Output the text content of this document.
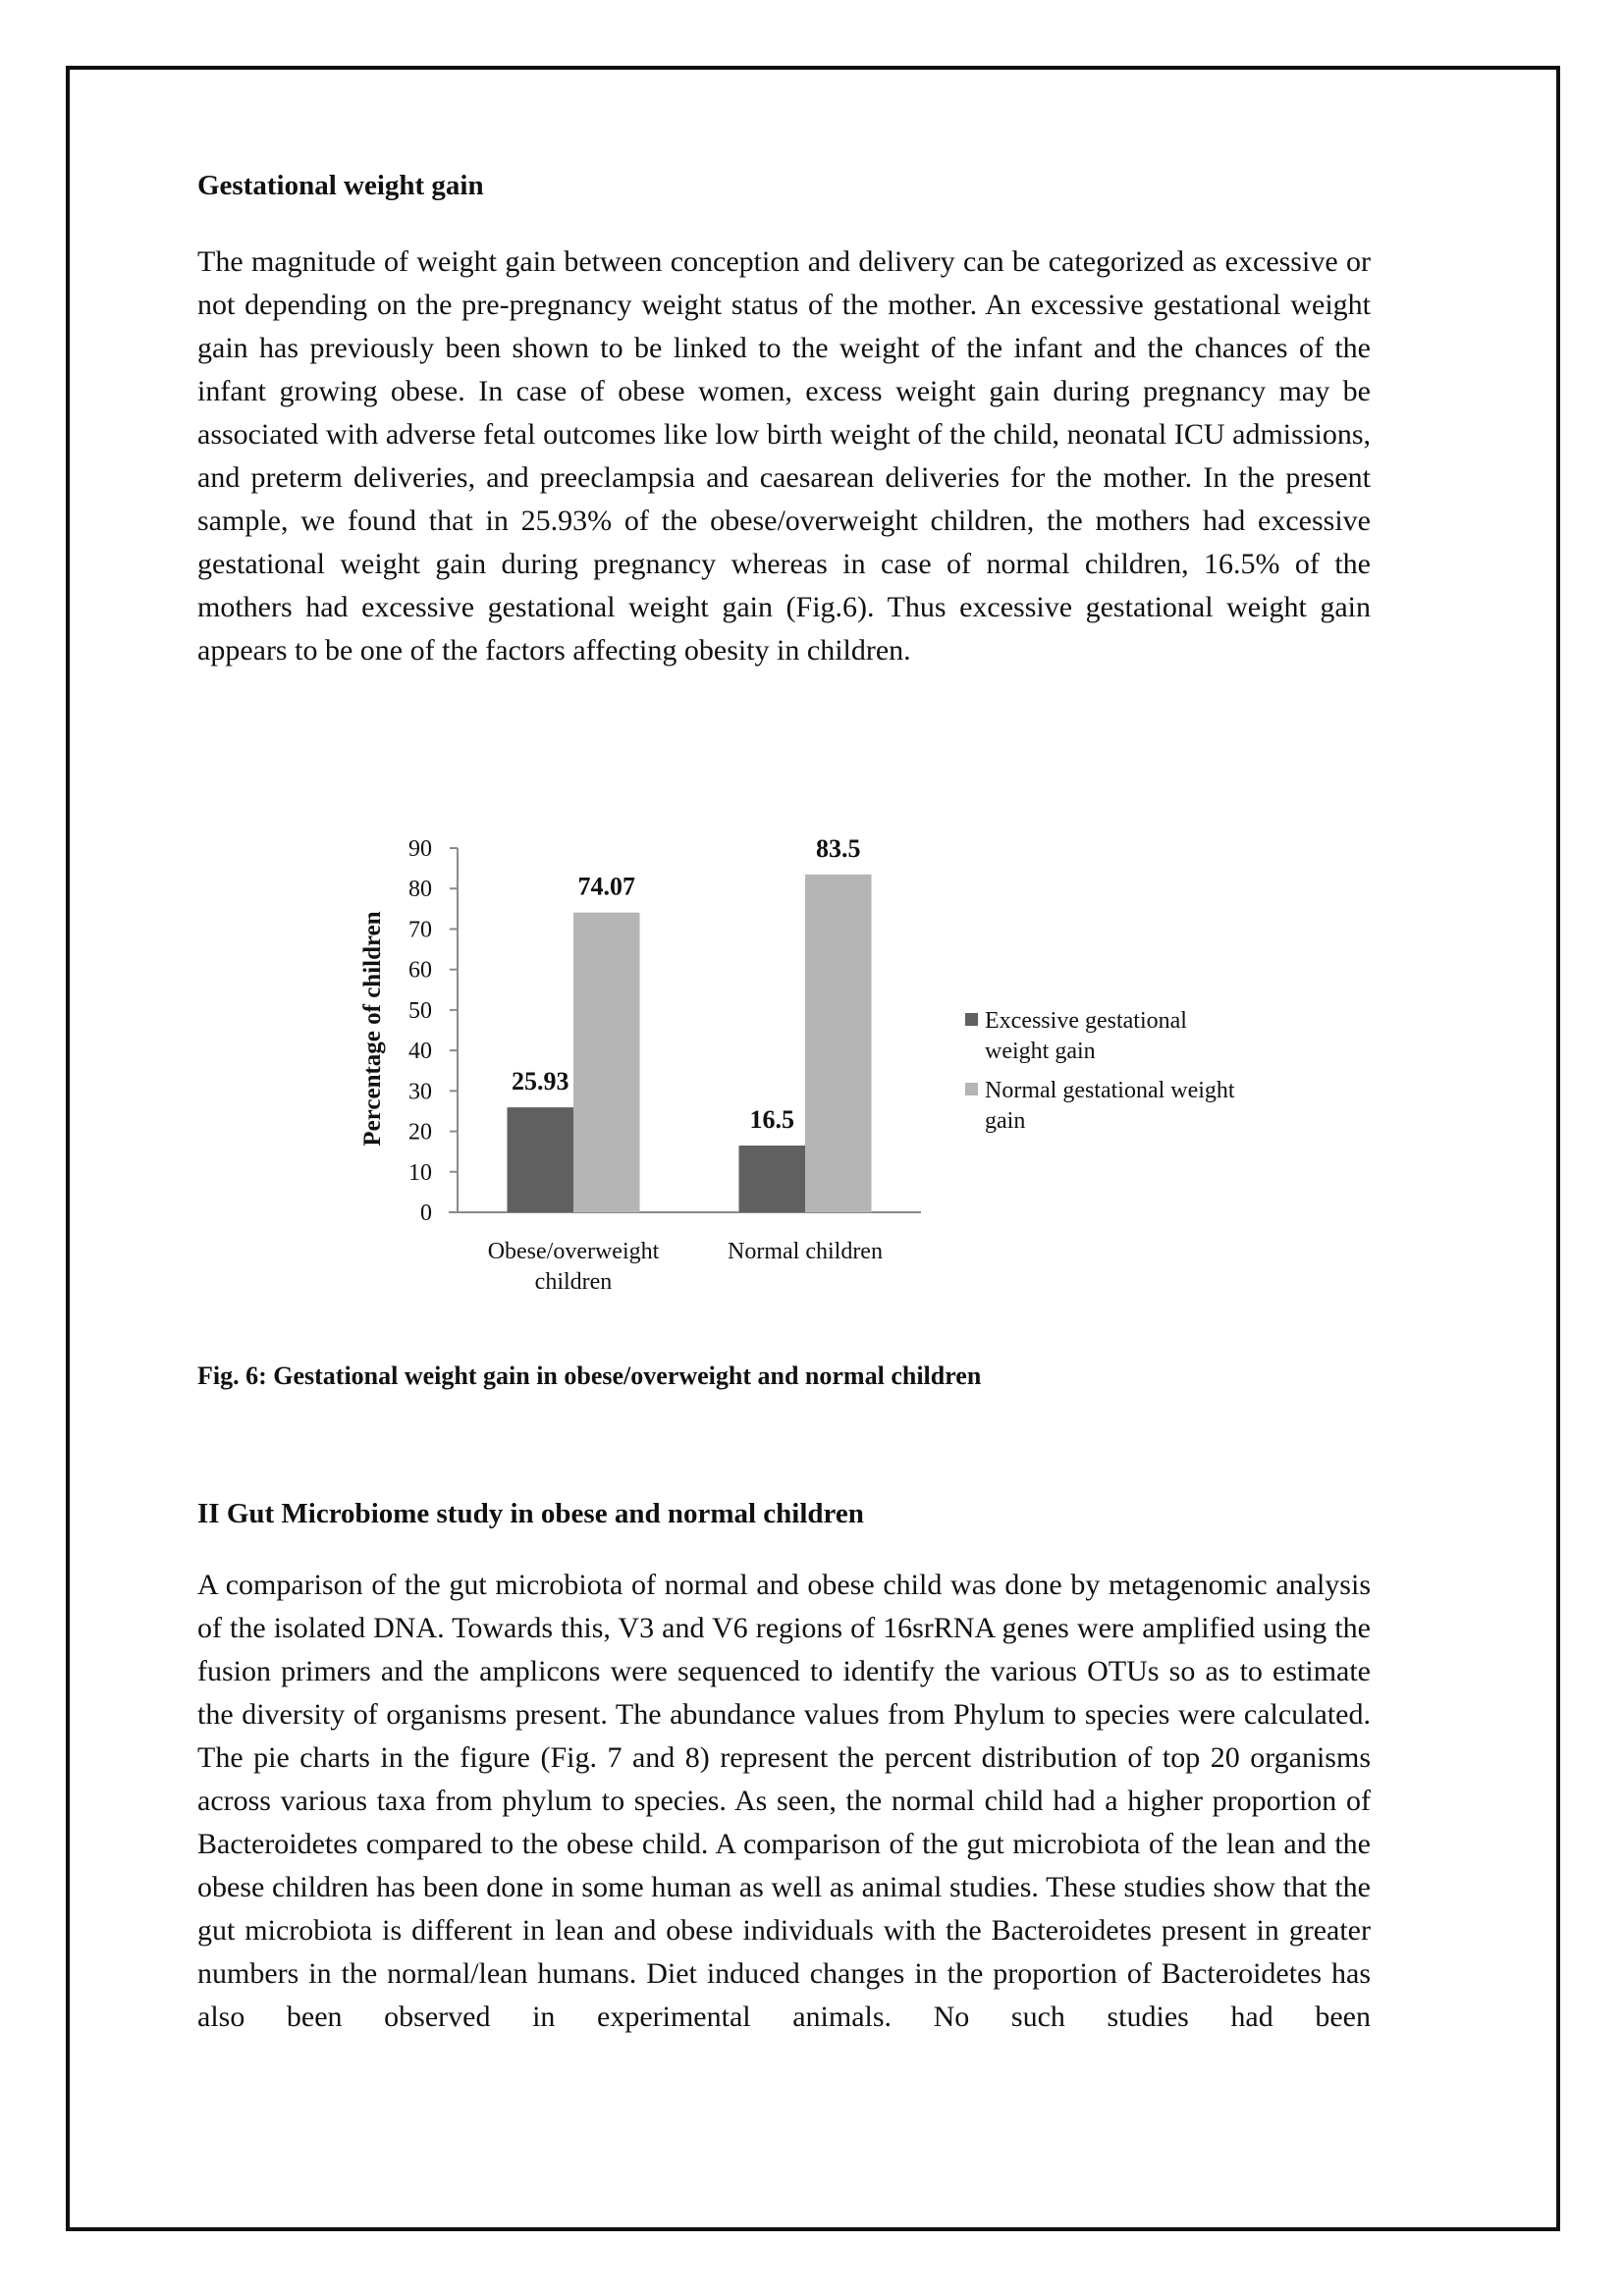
Gestational weight gain

The magnitude of weight gain between conception and delivery can be categorized as excessive or not depending on the pre-pregnancy weight status of the mother. An excessive gestational weight gain has previously been shown to be linked to the weight of the infant and the chances of the infant growing obese. In case of obese women, excess weight gain during pregnancy may be associated with adverse fetal outcomes like low birth weight of the child, neonatal ICU admissions, and preterm deliveries, and preeclampsia and caesarean deliveries for the mother. In the present sample, we found that in 25.93% of the obese/overweight children, the mothers had excessive gestational weight gain during pregnancy whereas in case of normal children, 16.5% of the mothers had excessive gestational weight gain (Fig.6). Thus excessive gestational weight gain appears to be one of the factors affecting obesity in children.

0
10
20
30
40
50
60
70
80
90
Percentage of children	25.93
74.07
Obese/overweight
children
16.5
83.5
Normal children
Excessive gestational
weight gain
Normal gestational weight
gain

Fig. 6: Gestational weight gain in obese/overweight and normal children

II Gut Microbiome study in obese and normal children

A comparison of the gut microbiota of normal and obese child was done by metagenomic analysis of the isolated DNA. Towards this, V3 and V6 regions of 16srRNA genes were amplified using the fusion primers and the amplicons were sequenced to identify the various OTUs so as to estimate the diversity of organisms present. The abundance values from Phylum to species were calculated. The pie charts in the figure (Fig. 7 and 8) represent the percent distribution of top 20 organisms across various taxa from phylum to species. As seen, the normal child had a higher proportion of Bacteroidetes compared to the obese child. A comparison of the gut microbiota of the lean and the obese children has been done in some human as well as animal studies. These studies show that the gut microbiota is different in lean and obese individuals with the Bacteroidetes present in greater numbers in the normal/lean humans. Diet induced changes in the proportion of Bacteroidetes has also been observed in experimental animals. No such studies had been
